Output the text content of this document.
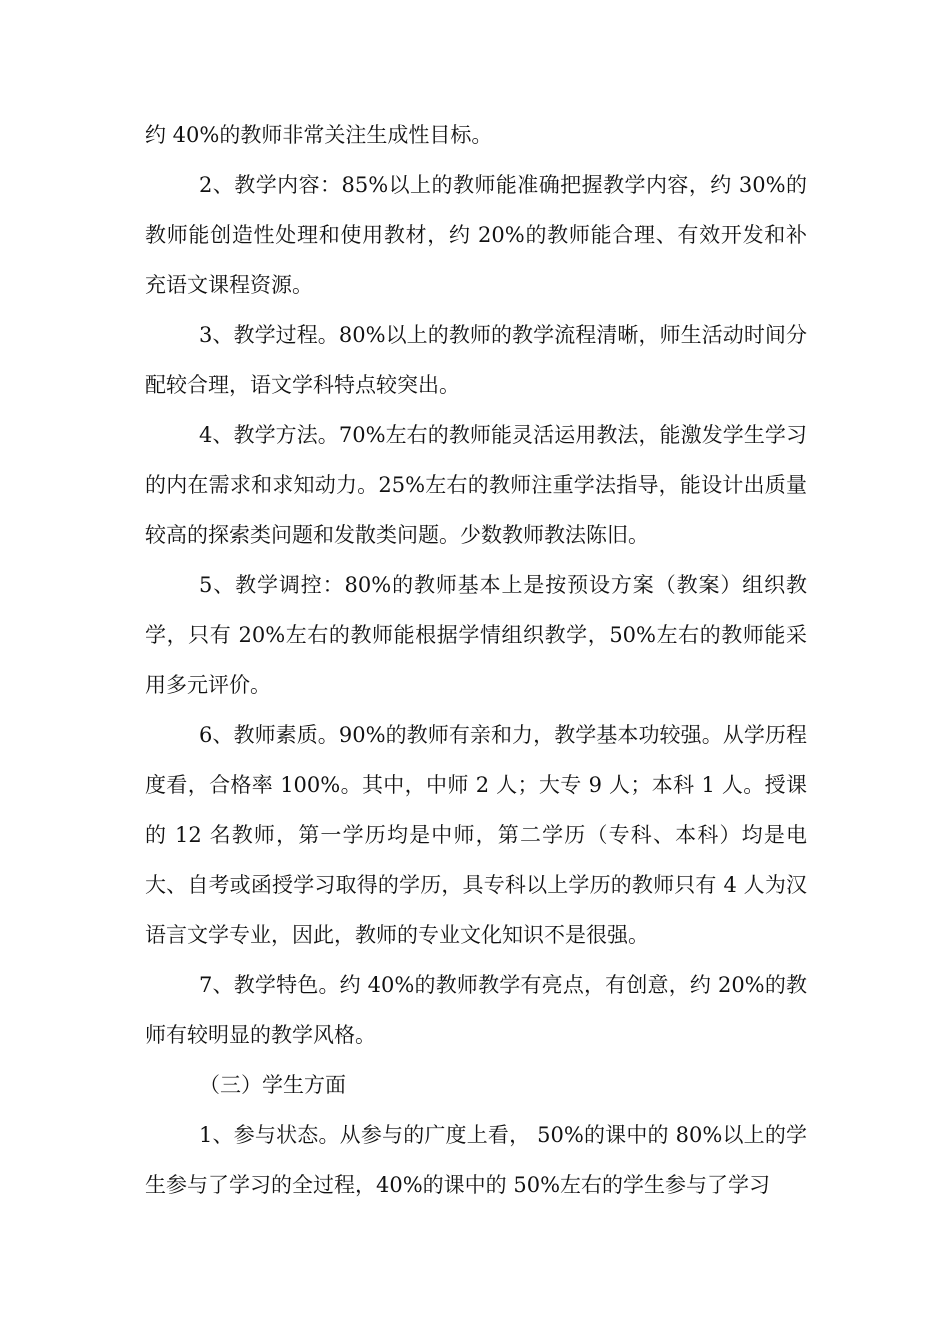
约 40%的教师非常关注生成性目标。

2、教学内容：85%以上的教师能准确把握教学内容，约 30%的教师能创造性处理和使用教材，约 20%的教师能合理、有效开发和补充语文课程资源。

3、教学过程。80%以上的教师的教学流程清晰，师生活动时间分配较合理，语文学科特点较突出。

4、教学方法。70%左右的教师能灵活运用教法，能激发学生学习的内在需求和求知动力。25%左右的教师注重学法指导，能设计出质量较高的探索类问题和发散类问题。少数教师教法陈旧。

5、教学调控：80%的教师基本上是按预设方案（教案）组织教学，只有 20%左右的教师能根据学情组织教学，50%左右的教师能采用多元评价。

6、教师素质。90%的教师有亲和力，教学基本功较强。从学历程度看，合格率 100%。其中，中师 2 人；大专 9 人；本科 1 人。授课的 12 名教师，第一学历均是中师，第二学历（专科、本科）均是电大、自考或函授学习取得的学历，具专科以上学历的教师只有 4 人为汉语言文学专业，因此，教师的专业文化知识不是很强。

7、教学特色。约 40%的教师教学有亮点，有创意，约 20%的教师有较明显的教学风格。

（三）学生方面

1、参与状态。从参与的广度上看， 50%的课中的 80%以上的学生参与了学习的全过程，40%的课中的 50%左右的学生参与了学习
